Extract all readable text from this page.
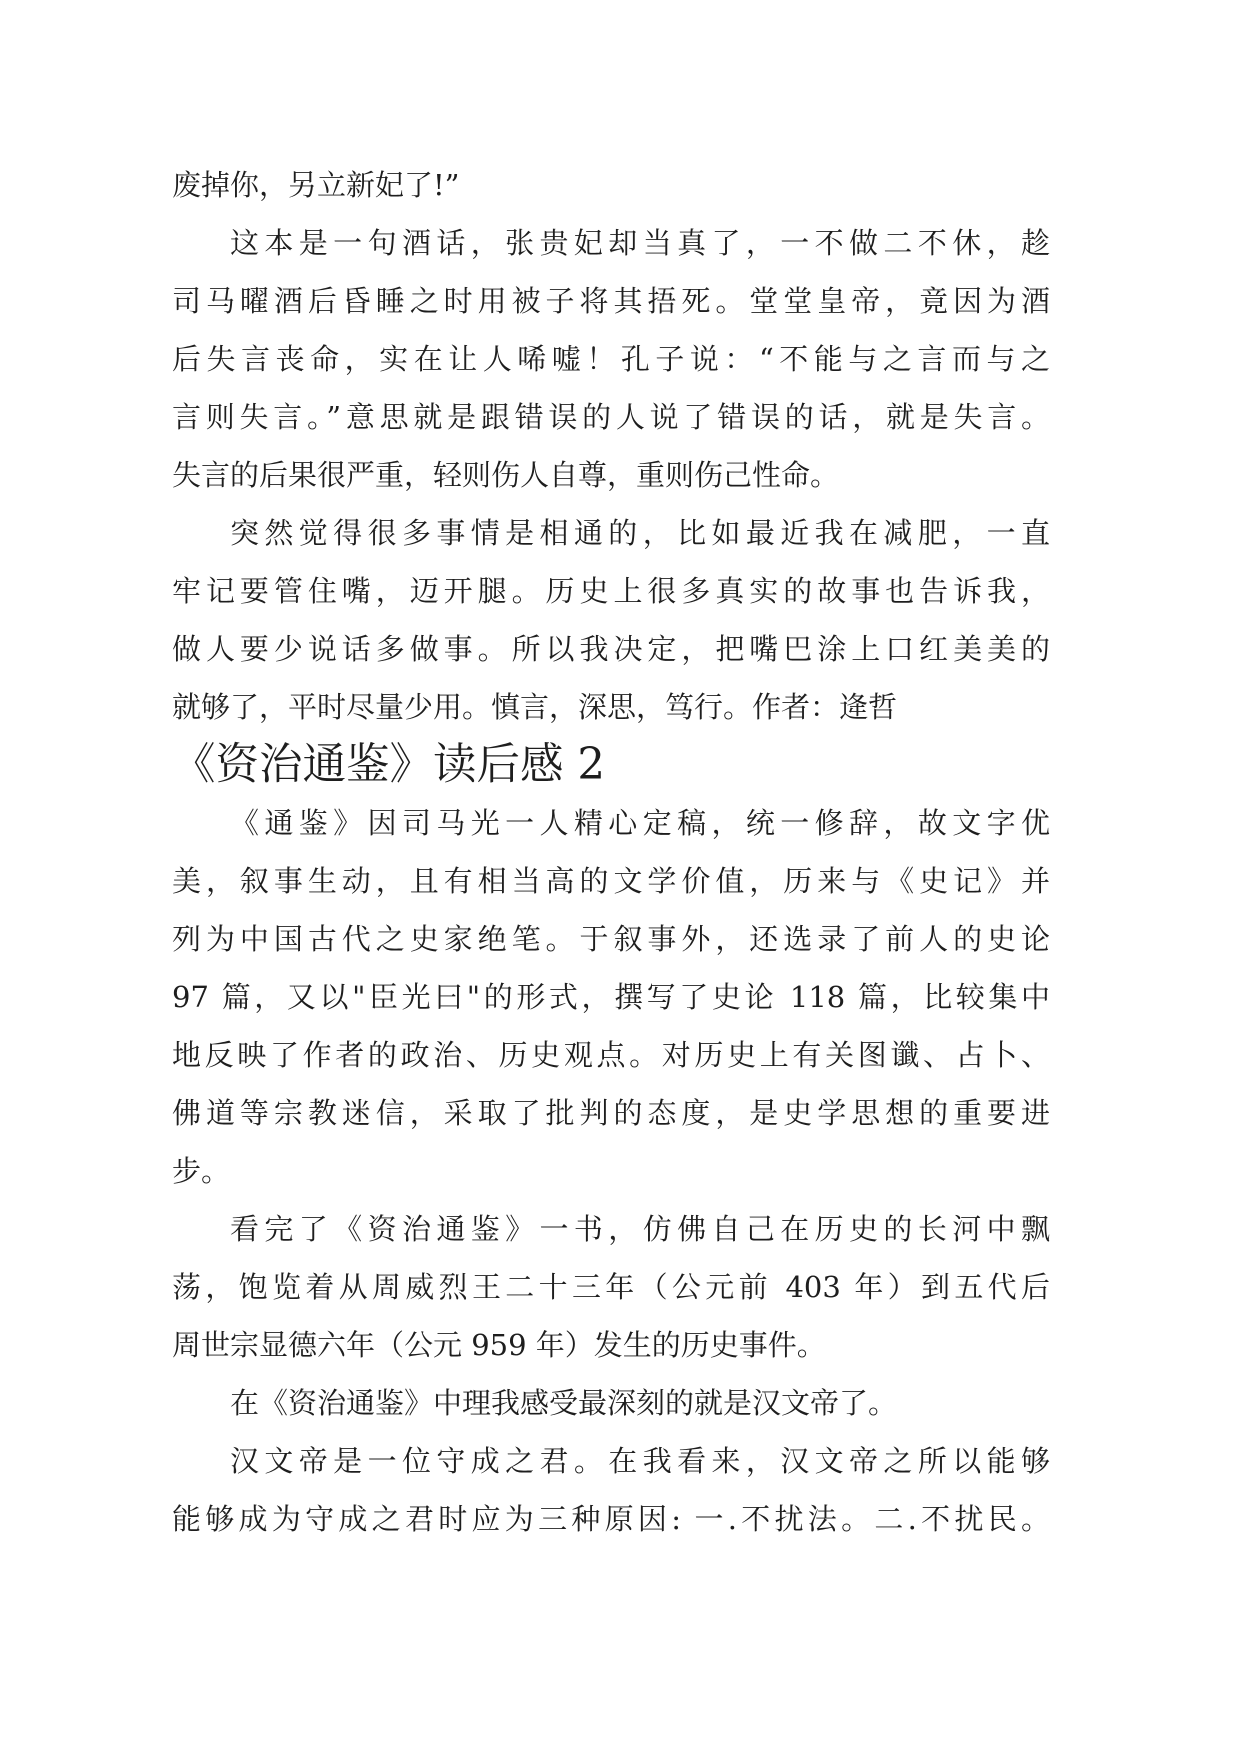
废掉你，另立新妃了!”
这本是一句酒话，张贵妃却当真了，一不做二不休，趁
司马曜酒后昏睡之时用被子将其捂死。堂堂皇帝，竟因为酒
后失言丧命，实在让人唏嘘！孔子说：“不能与之言而与之
言则失言。”意思就是跟错误的人说了错误的话，就是失言。
失言的后果很严重，轻则伤人自尊，重则伤己性命。
突然觉得很多事情是相通的，比如最近我在减肥，一直
牢记要管住嘴，迈开腿。历史上很多真实的故事也告诉我，
做人要少说话多做事。所以我决定，把嘴巴涂上口红美美的
就够了，平时尽量少用。慎言，深思，笃行。作者：逄哲
《资治通鉴》读后感 2
《通鉴》因司马光一人精心定稿，统一修辞，故文字优
美，叙事生动，且有相当高的文学价值，历来与《史记》并
列为中国古代之史家绝笔。于叙事外，还选录了前人的史论
97 篇，又以"臣光曰"的形式，撰写了史论 118 篇，比较集中
地反映了作者的政治、历史观点。对历史上有关图谶、占卜、
佛道等宗教迷信，采取了批判的态度，是史学思想的重要进
步。
看完了《资治通鉴》一书，仿佛自己在历史的长河中飘
荡，饱览着从周威烈王二十三年（公元前 403 年）到五代后
周世宗显德六年（公元 959 年）发生的历史事件。
在《资治通鉴》中理我感受最深刻的就是汉文帝了。
汉文帝是一位守成之君。在我看来，汉文帝之所以能够
能够成为守成之君时应为三种原因: 一.不扰法。二.不扰民。
